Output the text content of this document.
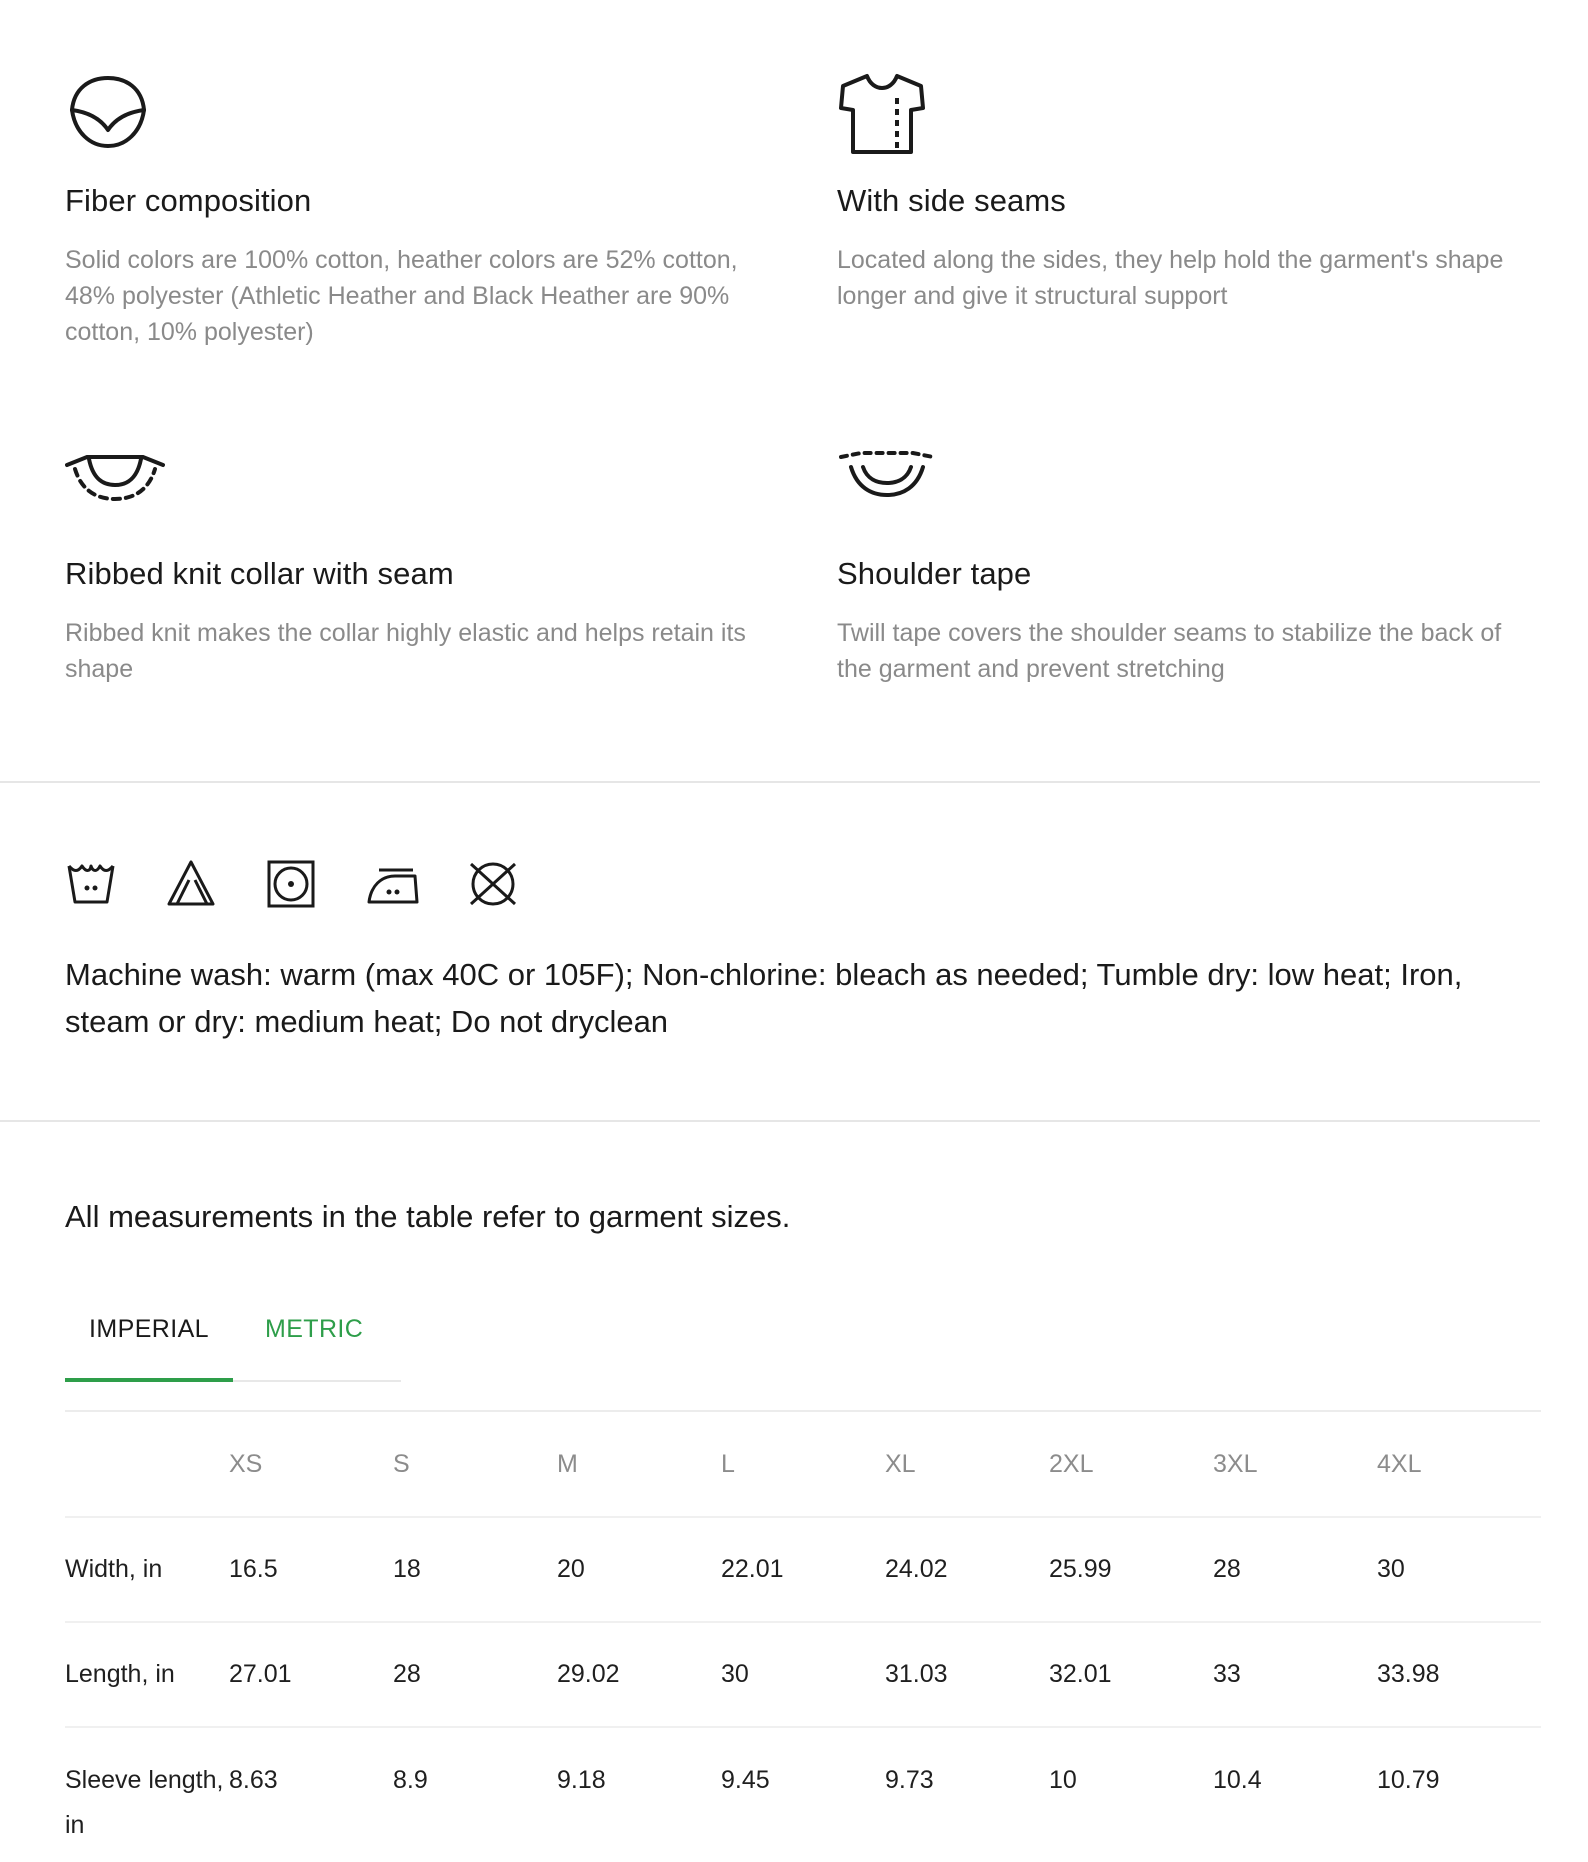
Fiber composition

Solid colors are 100% cotton, heather colors are 52% cotton, 48% polyester (Athletic Heather and Black Heather are 90% cotton, 10% polyester)

With side seams

Located along the sides, they help hold the garment's shape longer and give it structural support

Ribbed knit collar with seam

Ribbed knit makes the collar highly elastic and helps retain its shape

Shoulder tape

Twill tape covers the shoulder seams to stabilize the back of the garment and prevent stretching

Machine wash: warm (max 40C or 105F); Non-chlorine: bleach as needed; Tumble dry: low heat; Iron, steam or dry: medium heat; Do not dryclean
All measurements in the table refer to garment sizes.
IMPERIAL	METRIC
	XS	S	M	L	XL	2XL	3XL	4XL
Width, in	16.5	18	20	22.01	24.02	25.99	28	30
Length, in	27.01	28	29.02	30	31.03	32.01	33	33.98
Sleeve length, in	8.63	8.9	9.18	9.45	9.73	10	10.4	10.79
